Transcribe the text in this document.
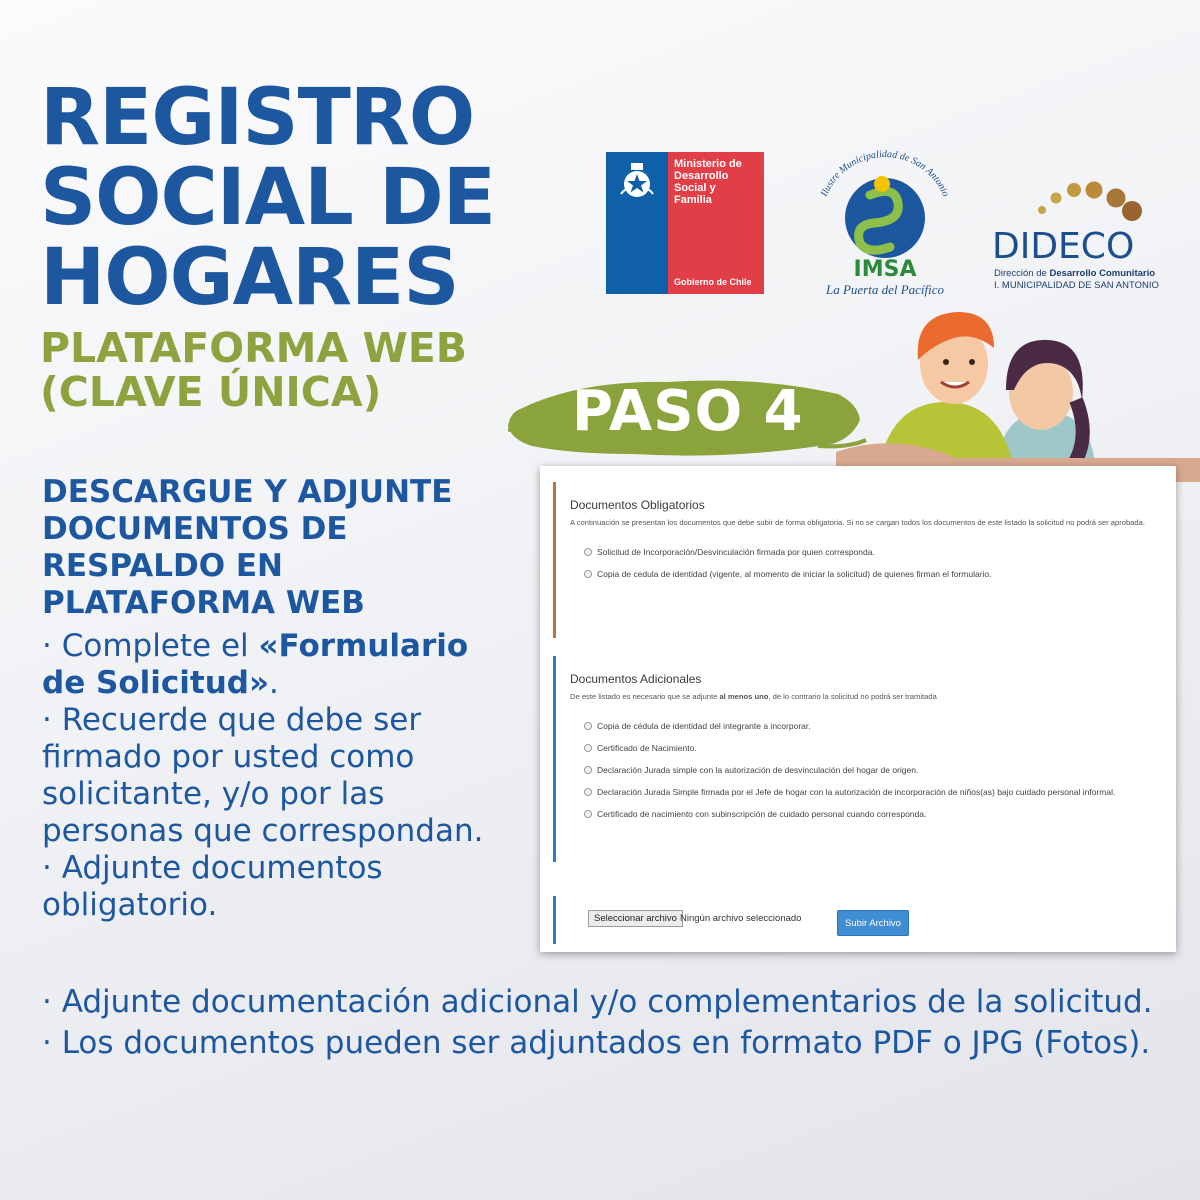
REGISTRO
SOCIAL DE
HOGARES
PLATAFORMA WEB
(CLAVE ÚNICA)
Ministerio de
Desarrollo
Social y
Familia
Gobierno de Chile
Ilustre Municipalidad de San Antonio
IMSA
La Puerta del Pacífico
DIDECO
Dirección de Desarrollo Comunitario
I. MUNICIPALIDAD DE SAN ANTONIO
PASO 4
DESCARGUE Y ADJUNTE
DOCUMENTOS DE
RESPALDO EN
PLATAFORMA WEB

· Complete el «Formulario de Solicitud».

· Recuerde que debe ser firmado por usted como solicitante, y/o por las personas que correspondan.

· Adjunte documentos obligatorio.

· Adjunte documentación adicional y/o complementarios de la solicitud.

· Los documentos pueden ser adjuntados en formato PDF o JPG (Fotos).

Documentos Obligatorios
A continuación se presentan los documentos que debe subir de forma obligatoria. Si no se cargan todos los documentos de este listado la solicitud no podrá ser aprobada.
Solicitud de Incorporación/Desvinculación firmada por quien corresponda.
Copia de cedula de identidad (vigente, al momento de iniciar la solicitud) de quienes firman el formulario.
Documentos Adicionales
De este listado es necesario que se adjunte al menos uno, de lo contrario la solicitud no podrá ser tramitada
Copia de cédula de identidad del integrante a incorporar.
Certificado de Nacimiento.
Declaración Jurada simple con la autorización de desvinculación del hogar de origen.
Declaración Jurada Simple firmada por el Jefe de hogar con la autorización de incorporación de niños(as) bajo cuidado personal informal.
Certificado de nacimiento con subinscripción de cuidado personal cuando corresponda.
Seleccionar archivo Ningún archivo seleccionado	Subir Archivo
